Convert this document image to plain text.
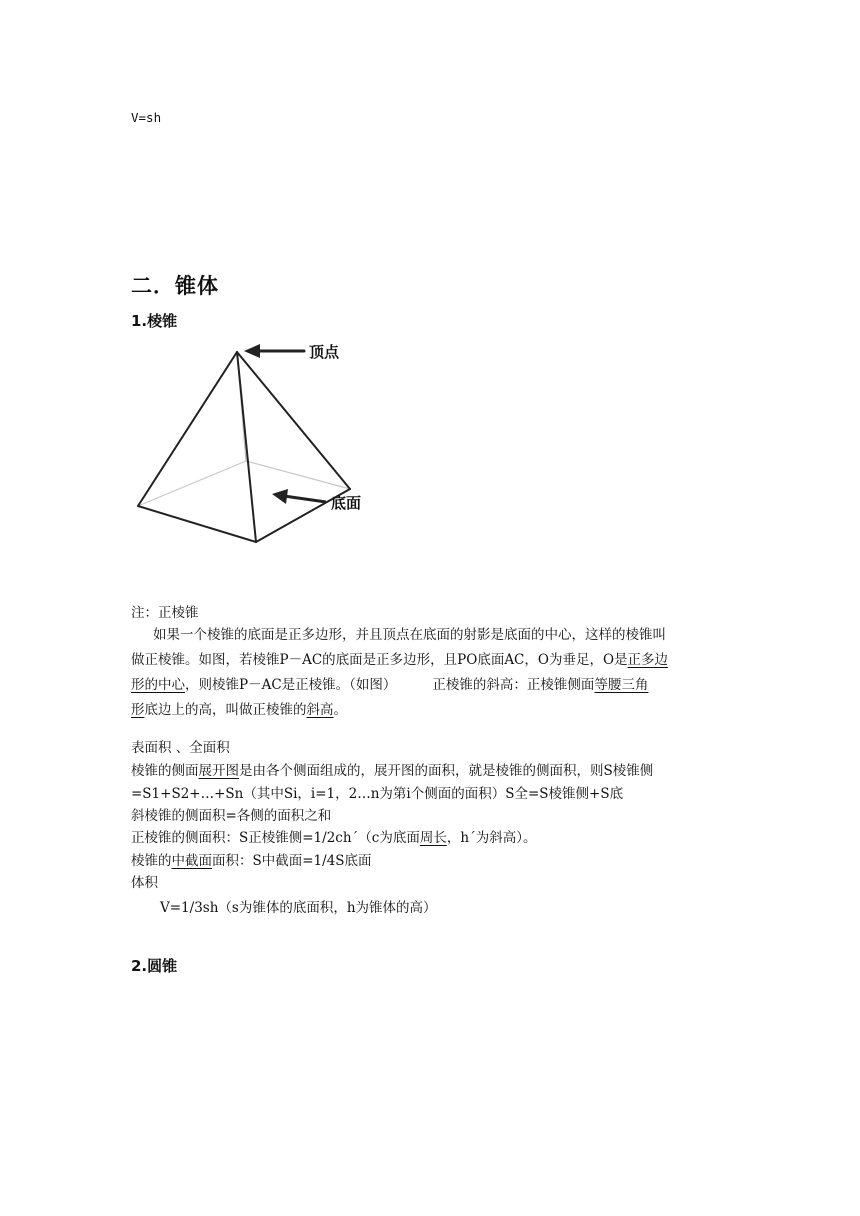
V=sh
二．锥体
1.棱锥
顶点
底面
注：正棱锥
如果一个棱锥的底面是正多边形，并且顶点在底面的射影是底面的中心，这样的棱锥叫
做正棱锥。如图，若棱锥P－AC的底面是正多边形，且PO底面AC，O为垂足，O是正多边
形的中心，则棱锥P－AC是正棱锥。（如图）	正棱锥的斜高：正棱锥侧面等腰三角
形底边上的高，叫做正棱锥的斜高。
表面积 、全面积
棱锥的侧面展开图是由各个侧面组成的，展开图的面积，就是棱锥的侧面积，则S棱锥侧
=S1+S2+…+Sn（其中Si，i=1，2…n为第i个侧面的面积）S全=S棱锥侧+S底
斜棱锥的侧面积=各侧的面积之和
正棱锥的侧面积：S正棱锥侧=1/2ch´（c为底面周长，h´为斜高）。
棱锥的中截面面积：S中截面=1/4S底面
体积
V=1/3sh（s为锥体的底面积，h为锥体的高）
2.圆锥
